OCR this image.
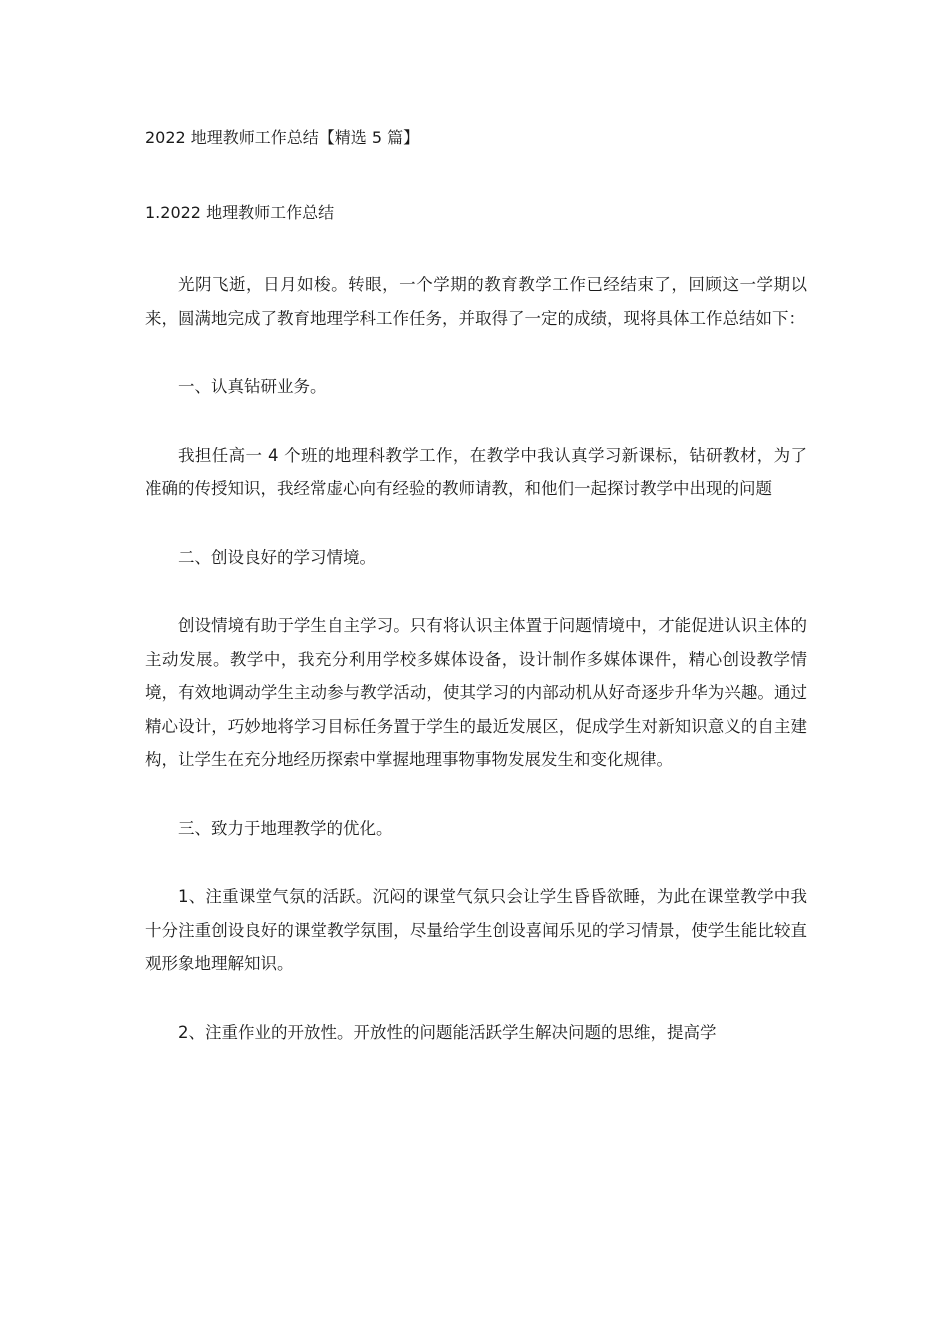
2022 地理教师工作总结【精选 5 篇】
1.2022 地理教师工作总结

光阴飞逝，日月如梭。转眼，一个学期的教育教学工作已经结束了，回顾这一学期以来，圆满地完成了教育地理学科工作任务，并取得了一定的成绩，现将具体工作总结如下：

一、认真钻研业务。

我担任高一 4 个班的地理科教学工作，在教学中我认真学习新课标，钻研教材，为了准确的传授知识，我经常虚心向有经验的教师请教，和他们一起探讨教学中出现的问题

二、创设良好的学习情境。

创设情境有助于学生自主学习。只有将认识主体置于问题情境中，才能促进认识主体的主动发展。教学中，我充分利用学校多媒体设备，设计制作多媒体课件，精心创设教学情境，有效地调动学生主动参与教学活动，使其学习的内部动机从好奇逐步升华为兴趣。通过精心设计，巧妙地将学习目标任务置于学生的最近发展区，促成学生对新知识意义的自主建构，让学生在充分地经历探索中掌握地理事物事物发展发生和变化规律。

三、致力于地理教学的优化。

1、注重课堂气氛的活跃。沉闷的课堂气氛只会让学生昏昏欲睡，为此在课堂教学中我十分注重创设良好的课堂教学氛围，尽量给学生创设喜闻乐见的学习情景，使学生能比较直观形象地理解知识。

2、注重作业的开放性。开放性的问题能活跃学生解决问题的思维，提高学
